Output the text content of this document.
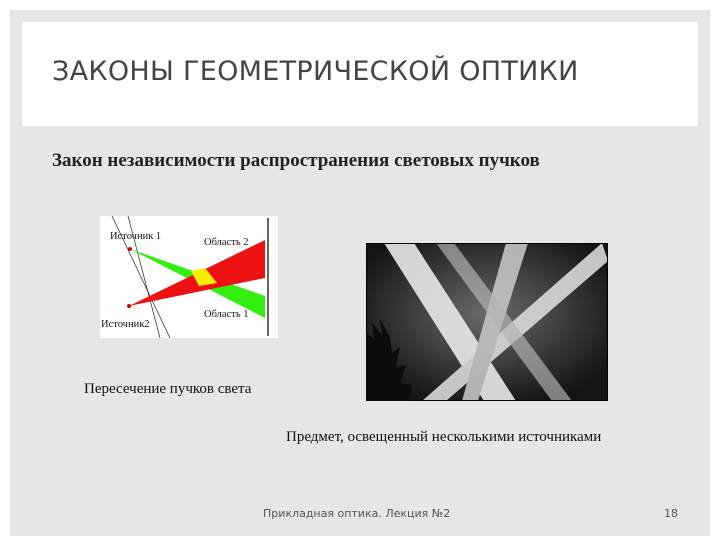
ЗАКОНЫ ГЕОМЕТРИЧЕСКОЙ ОПТИКИ
Закон независимости распространения световых пучков
Источник 1
Область 2
Область 1
Источник2
Пересечение пучков света
Предмет, освещенный несколькими источниками
Прикладная оптика. Лекция №2	18
